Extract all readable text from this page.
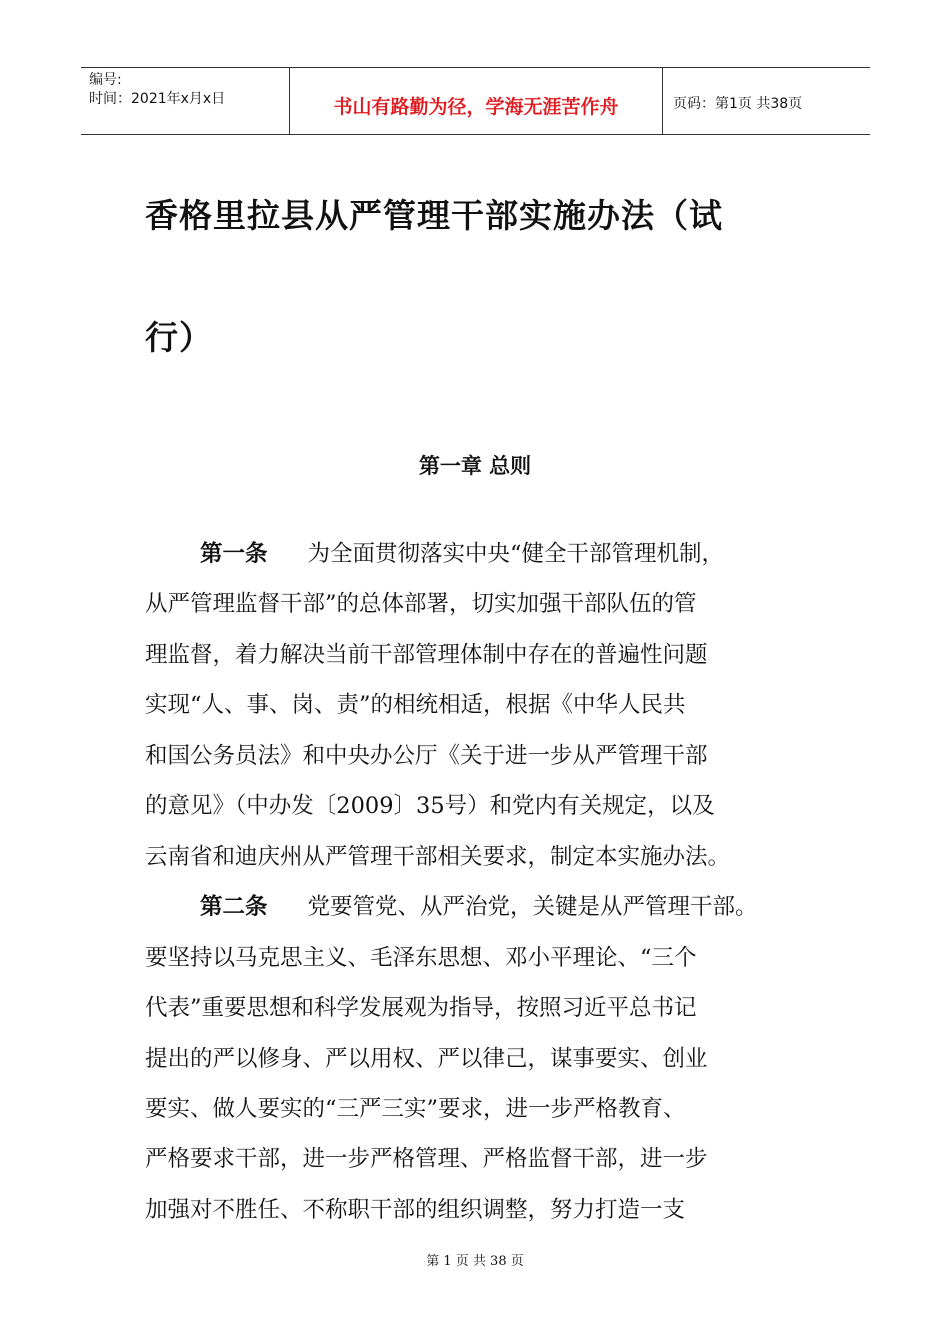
编号:
时间：2021年x月x日	书山有路勤为径，学海无涯苦作舟	页码：第1页 共38页
香格里拉县从严管理干部实施办法（试
行）
第一章 总则

第一条 为全面贯彻落实中央“健全干部管理机制，

从严管理监督干部”的总体部署，切实加强干部队伍的管

理监督，着力解决当前干部管理体制中存在的普遍性问题

实现“人、事、岗、责”的相统相适，根据《中华人民共

和国公务员法》和中央办公厅《关于进一步从严管理干部

的意见》（中办发〔2009〕35号）和党内有关规定，以及

云南省和迪庆州从严管理干部相关要求，制定本实施办法。

第二条 党要管党、从严治党，关键是从严管理干部。

要坚持以马克思主义、毛泽东思想、邓小平理论、“三个

代表”重要思想和科学发展观为指导，按照习近平总书记

提出的严以修身、严以用权、严以律己，谋事要实、创业

要实、做人要实的“三严三实”要求，进一步严格教育、

严格要求干部，进一步严格管理、严格监督干部，进一步

加强对不胜任、不称职干部的组织调整，努力打造一支

第 1 页 共 38 页
